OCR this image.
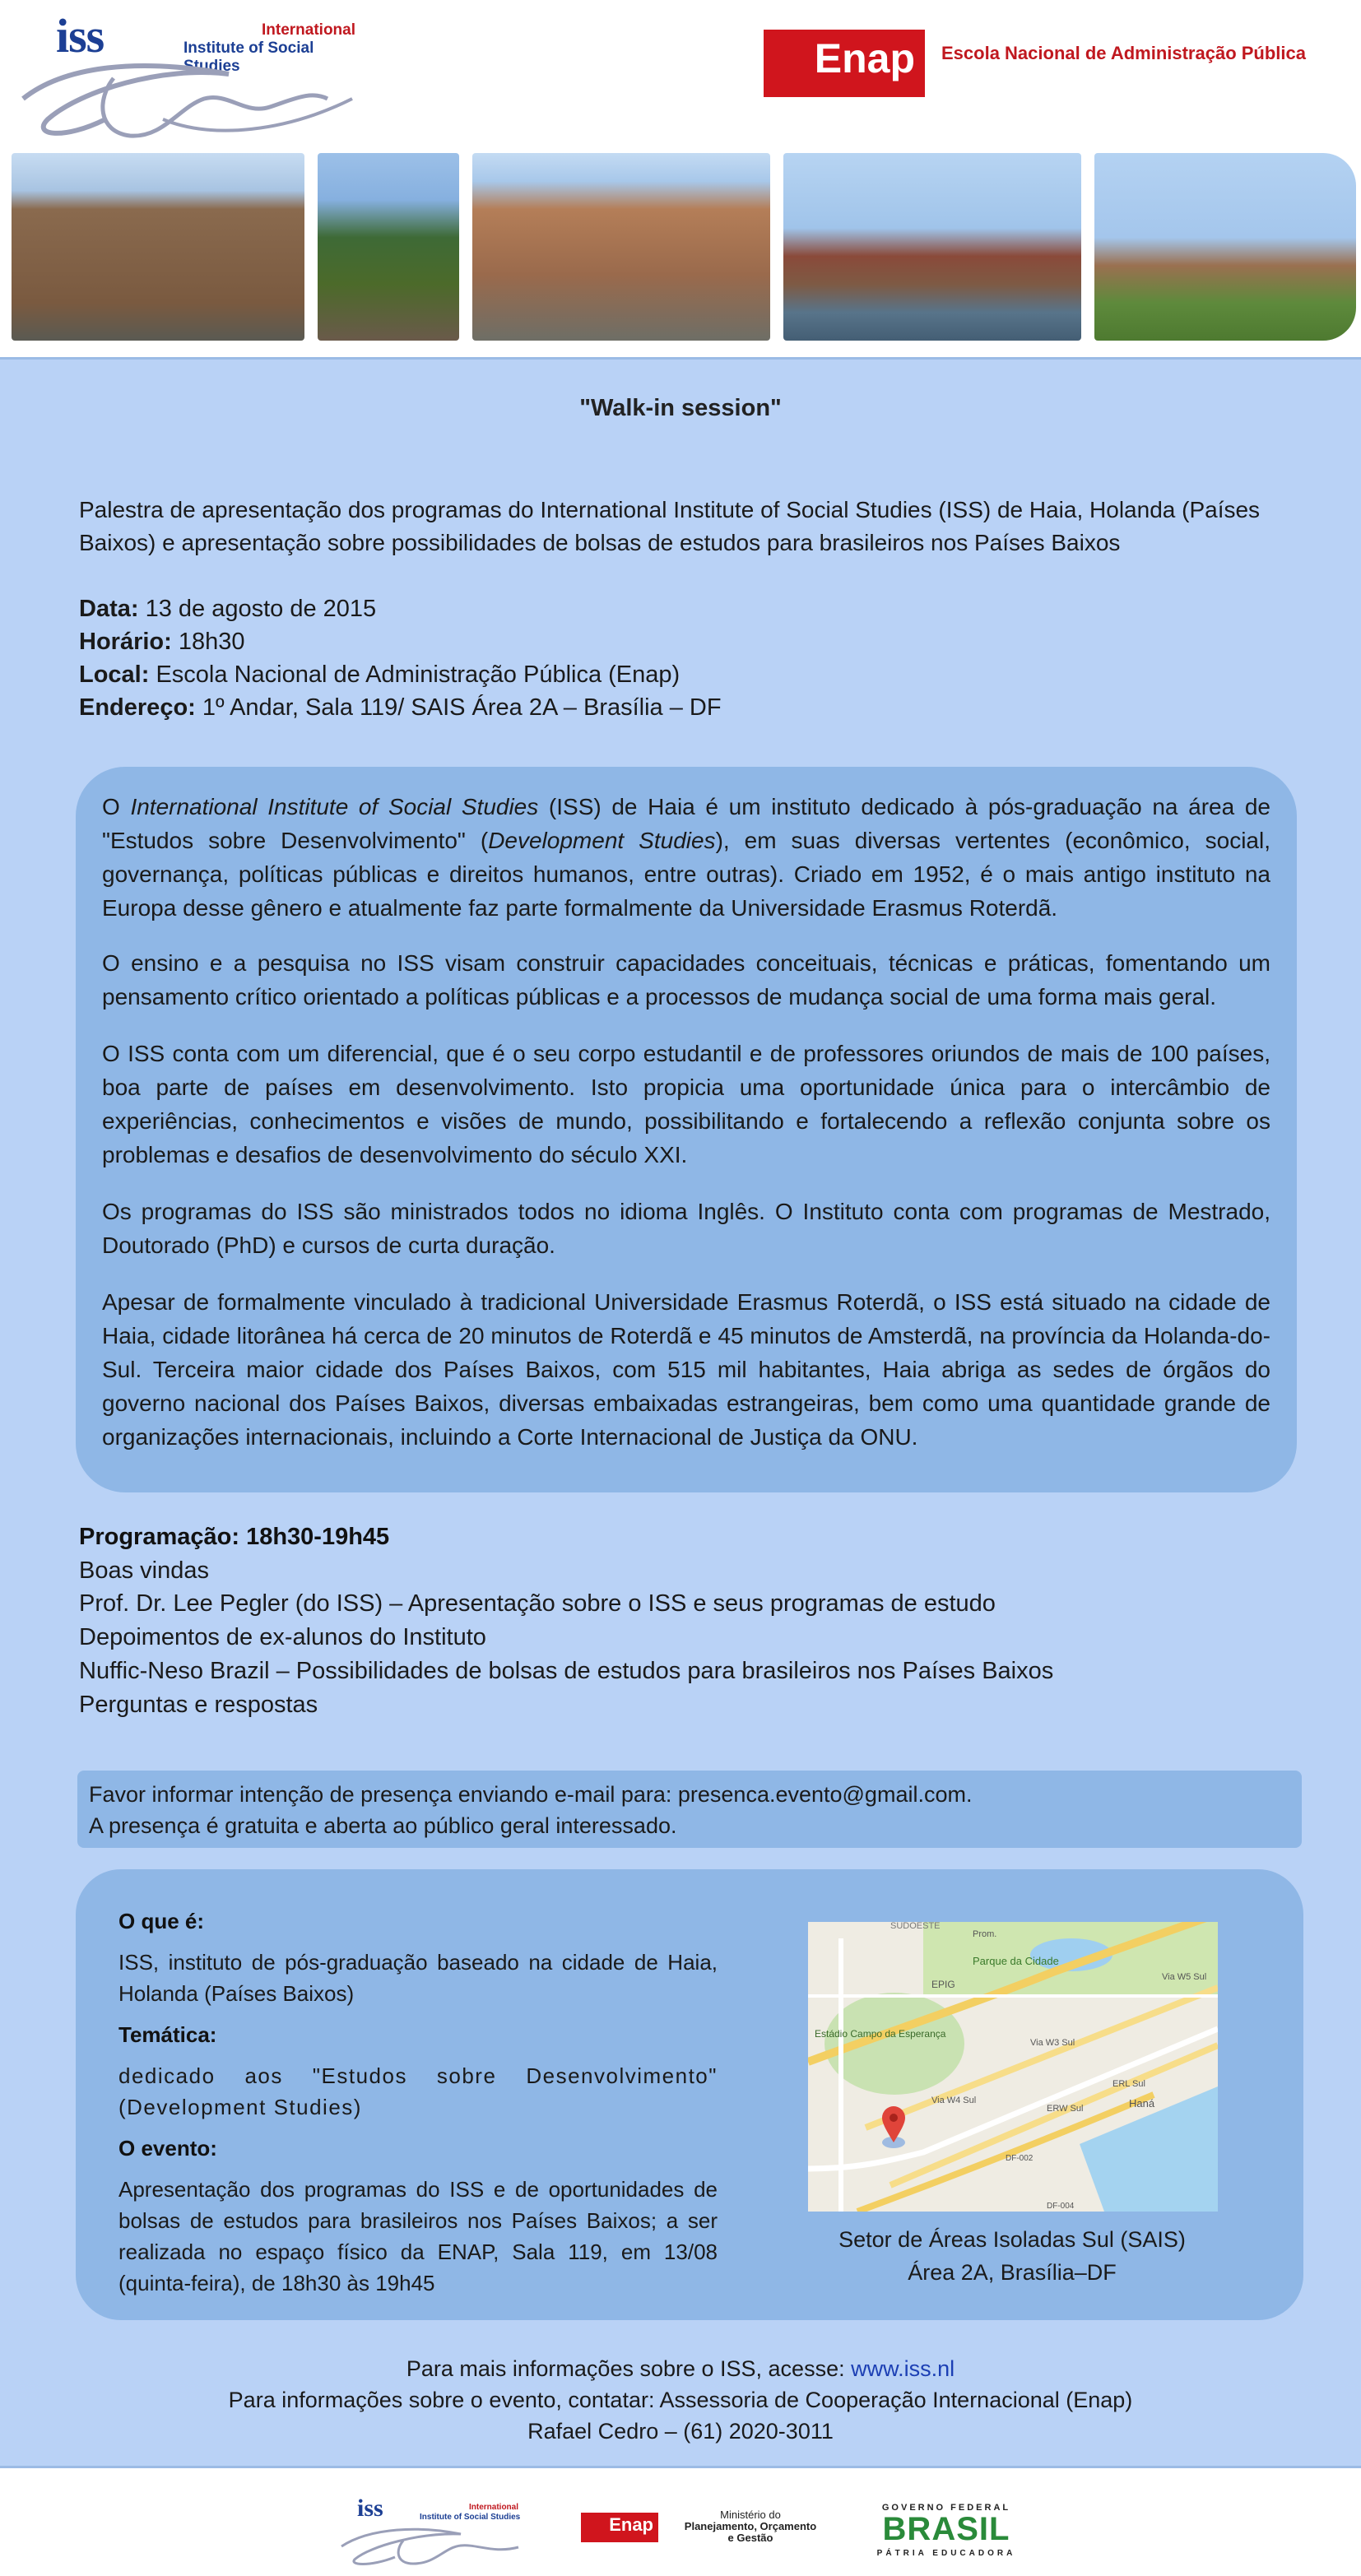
iss	International
Institute of Social Studies	Enap Escola Nacional de Administração Pública
"Walk-in session"
Palestra de apresentação dos programas do International Institute of Social Studies (ISS) de Haia, Holanda (Países Baixos) e apresentação sobre possibilidades de bolsas de estudos para brasileiros nos Países Baixos
Data: 13 de agosto de 2015
Horário: 18h30
Local: Escola Nacional de Administração Pública (Enap)
Endereço: 1º Andar, Sala 119/ SAIS Área 2A – Brasília – DF
O International Institute of Social Studies (ISS) de Haia é um instituto dedicado à pós-graduação na área de "Estudos sobre Desenvolvimento" (Development Studies), em suas diversas vertentes (econômico, social, governança, políticas públicas e direitos humanos, entre outras). Criado em 1952, é o mais antigo instituto na Europa desse gênero e atualmente faz parte formalmente da Universidade Erasmus Roterdã.
O ensino e a pesquisa no ISS visam construir capacidades conceituais, técnicas e práticas, fomentando um pensamento crítico orientado a políticas públicas e a processos de mudança social de uma forma mais geral.
O ISS conta com um diferencial, que é o seu corpo estudantil e de professores oriundos de mais de 100 países, boa parte de países em desenvolvimento. Isto propicia uma oportunidade única para o intercâmbio de experiências, conhecimentos e visões de mundo, possibilitando e fortalecendo a reflexão conjunta sobre os problemas e desafios de desenvolvimento do século XXI.
Os programas do ISS são ministrados todos no idioma Inglês. O Instituto conta com programas de Mestrado, Doutorado (PhD) e cursos de curta duração.
Apesar de formalmente vinculado à tradicional Universidade Erasmus Roterdã, o ISS está situado na cidade de Haia, cidade litorânea há cerca de 20 minutos de Roterdã e 45 minutos de Amsterdã, na província da Holanda-do-Sul. Terceira maior cidade dos Países Baixos, com 515 mil habitantes, Haia abriga as sedes de órgãos do governo nacional dos Países Baixos, diversas embaixadas estrangeiras, bem como uma quantidade grande de organizações internacionais, incluindo a Corte Internacional de Justiça da ONU.
Programação: 18h30-19h45
Boas vindas
Prof. Dr. Lee Pegler (do ISS) – Apresentação sobre o ISS e seus programas de estudo
Depoimentos de ex-alunos do Instituto
Nuffic-Neso Brazil – Possibilidades de bolsas de estudos para brasileiros nos Países Baixos
Perguntas e respostas
Favor informar intenção de presença enviando e-mail para: presenca.evento@gmail.com.
A presença é gratuita e aberta ao público geral interessado.
O que é:
ISS, instituto de pós-graduação baseado na cidade de Haia, Holanda (Países Baixos)
Temática:
dedicado aos "Estudos sobre Desenvolvimento" (Development Studies)
O evento:
Apresentação dos programas do ISS e de oportunidades de bolsas de estudos para brasileiros nos Países Baixos; a ser realizada no espaço físico da ENAP, Sala 119, em 13/08 (quinta-feira), de 18h30 às 19h45
SUDOESTE
Parque da Cidade
Prom.
EPIG
Estádio Campo da Esperança
Via W4 Sul
Via W3 Sul
ERW Sul
ERL Sul
Via W5 Sul
Haná
DF-002
DF-004
Setor de Áreas Isoladas Sul (SAIS)
Área 2A, Brasília–DF
Para mais informações sobre o ISS, acesse: www.iss.nl
Para informações sobre o evento, contatar: Assessoria de Cooperação Internacional (Enap)
Rafael Cedro – (61) 2020-3011
iss	International
Institute of Social Studies	Enap	Ministério do
Planejamento, Orçamento
e Gestão
GOVERNO FEDERAL
BRASIL
PÁTRIA EDUCADORA
